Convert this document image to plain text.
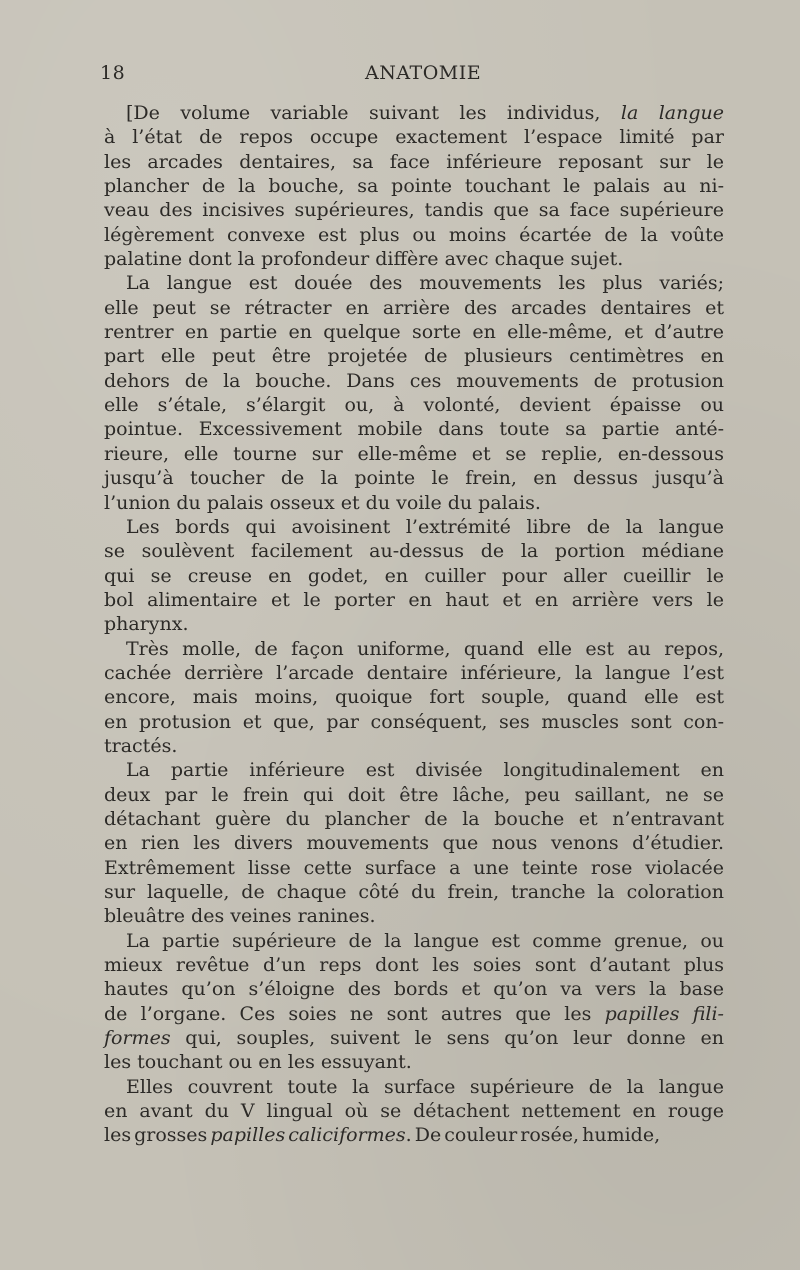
18	ANATOMIE
[De volume variable suivant les individus, la langue
à l’état de repos occupe exactement l’espace limité par
les arcades dentaires, sa face inférieure reposant sur le
plancher de la bouche, sa pointe touchant le palais au ni-
veau des incisives supérieures, tandis que sa face supérieure
légèrement convexe est plus ou moins écartée de la voûte
palatine dont la profondeur diffère avec chaque sujet.
La langue est douée des mouvements les plus variés;
elle peut se rétracter en arrière des arcades dentaires et
rentrer en partie en quelque sorte en elle-même, et d’autre
part elle peut être projetée de plusieurs centimètres en
dehors de la bouche. Dans ces mouvements de protusion
elle s’étale, s’élargit ou, à volonté, devient épaisse ou
pointue. Excessivement mobile dans toute sa partie anté-
rieure, elle tourne sur elle-même et se replie, en-dessous
jusqu’à toucher de la pointe le frein, en dessus jusqu’à
l’union du palais osseux et du voile du palais.
Les bords qui avoisinent l’extrémité libre de la langue
se soulèvent facilement au-dessus de la portion médiane
qui se creuse en godet, en cuiller pour aller cueillir le
bol alimentaire et le porter en haut et en arrière vers le
pharynx.
Très molle, de façon uniforme, quand elle est au repos,
cachée derrière l’arcade dentaire inférieure, la langue l’est
encore, mais moins, quoique fort souple, quand elle est
en protusion et que, par conséquent, ses muscles sont con-
tractés.
La partie inférieure est divisée longitudinalement en
deux par le frein qui doit être lâche, peu saillant, ne se
détachant guère du plancher de la bouche et n’entravant
en rien les divers mouvements que nous venons d’étudier.
Extrêmement lisse cette surface a une teinte rose violacée
sur laquelle, de chaque côté du frein, tranche la coloration
bleuâtre des veines ranines.
La partie supérieure de la langue est comme grenue, ou
mieux revêtue d’un reps dont les soies sont d’autant plus
hautes qu’on s’éloigne des bords et qu’on va vers la base
de l’organe. Ces soies ne sont autres que les papilles fili-
formes qui, souples, suivent le sens qu’on leur donne en
les touchant ou en les essuyant.
Elles couvrent toute la surface supérieure de la langue
en avant du V lingual où se détachent nettement en rouge
les grosses papilles caliciformes. De couleur rosée, humide,
